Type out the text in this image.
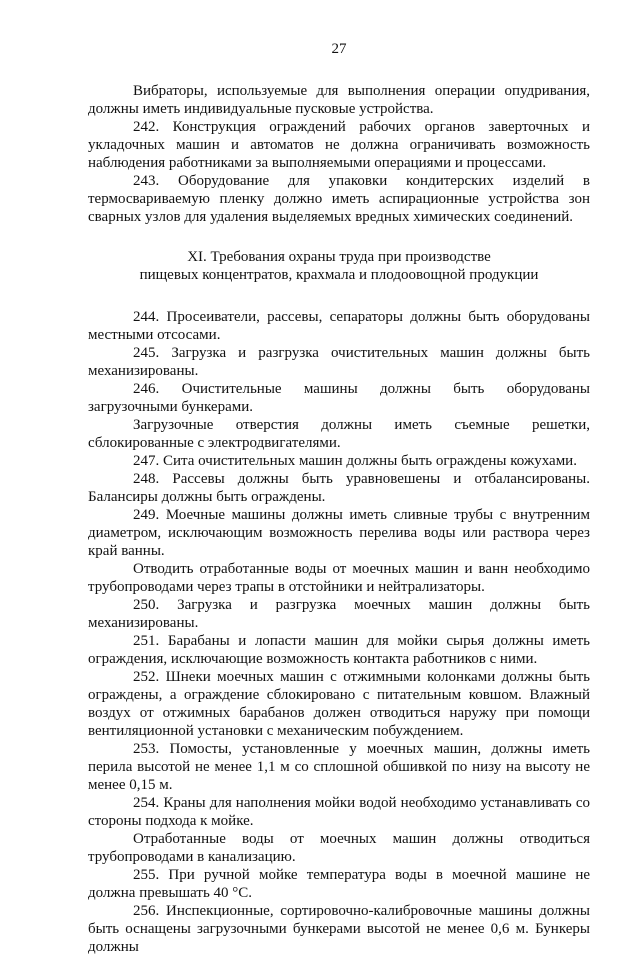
27

Вибраторы, используемые для выполнения операции опудривания, должны иметь индивидуальные пусковые устройства.

242. Конструкция ограждений рабочих органов заверточных и укладочных машин и автоматов не должна ограничивать возможность наблюдения работниками за выполняемыми операциями и процессами.

243. Оборудование для упаковки кондитерских изделий в термосвариваемую пленку должно иметь аспирационные устройства зон сварных узлов для удаления выделяемых вредных химических соединений.

XI. Требования охраны труда при производстве
пищевых концентратов, крахмала и плодоовощной продукции

244. Просеиватели, рассевы, сепараторы должны быть оборудованы местными отсосами.

245. Загрузка и разгрузка очистительных машин должны быть механизированы.

246. Очистительные машины должны быть оборудованы загрузочными бункерами.

Загрузочные отверстия должны иметь съемные решетки, сблокированные с электродвигателями.

247. Сита очистительных машин должны быть ограждены кожухами.

248. Рассевы должны быть уравновешены и отбалансированы. Балансиры должны быть ограждены.

249. Моечные машины должны иметь сливные трубы с внутренним диаметром, исключающим возможность перелива воды или раствора через край ванны.

Отводить отработанные воды от моечных машин и ванн необходимо трубопроводами через трапы в отстойники и нейтрализаторы.

250. Загрузка и разгрузка моечных машин должны быть механизированы.

251. Барабаны и лопасти машин для мойки сырья должны иметь ограждения, исключающие возможность контакта работников с ними.

252. Шнеки моечных машин с отжимными колонками должны быть ограждены, а ограждение сблокировано с питательным ковшом. Влажный воздух от отжимных барабанов должен отводиться наружу при помощи вентиляционной установки с механическим побуждением.

253. Помосты, установленные у моечных машин, должны иметь перила высотой не менее 1,1 м со сплошной обшивкой по низу на высоту не менее 0,15 м.

254. Краны для наполнения мойки водой необходимо устанавливать со стороны подхода к мойке.

Отработанные воды от моечных машин должны отводиться трубопроводами в канализацию.

255. При ручной мойке температура воды в моечной машине не должна превышать 40 °C.

256. Инспекционные, сортировочно-калибровочные машины должны быть оснащены загрузочными бункерами высотой не менее 0,6 м. Бункеры должны
